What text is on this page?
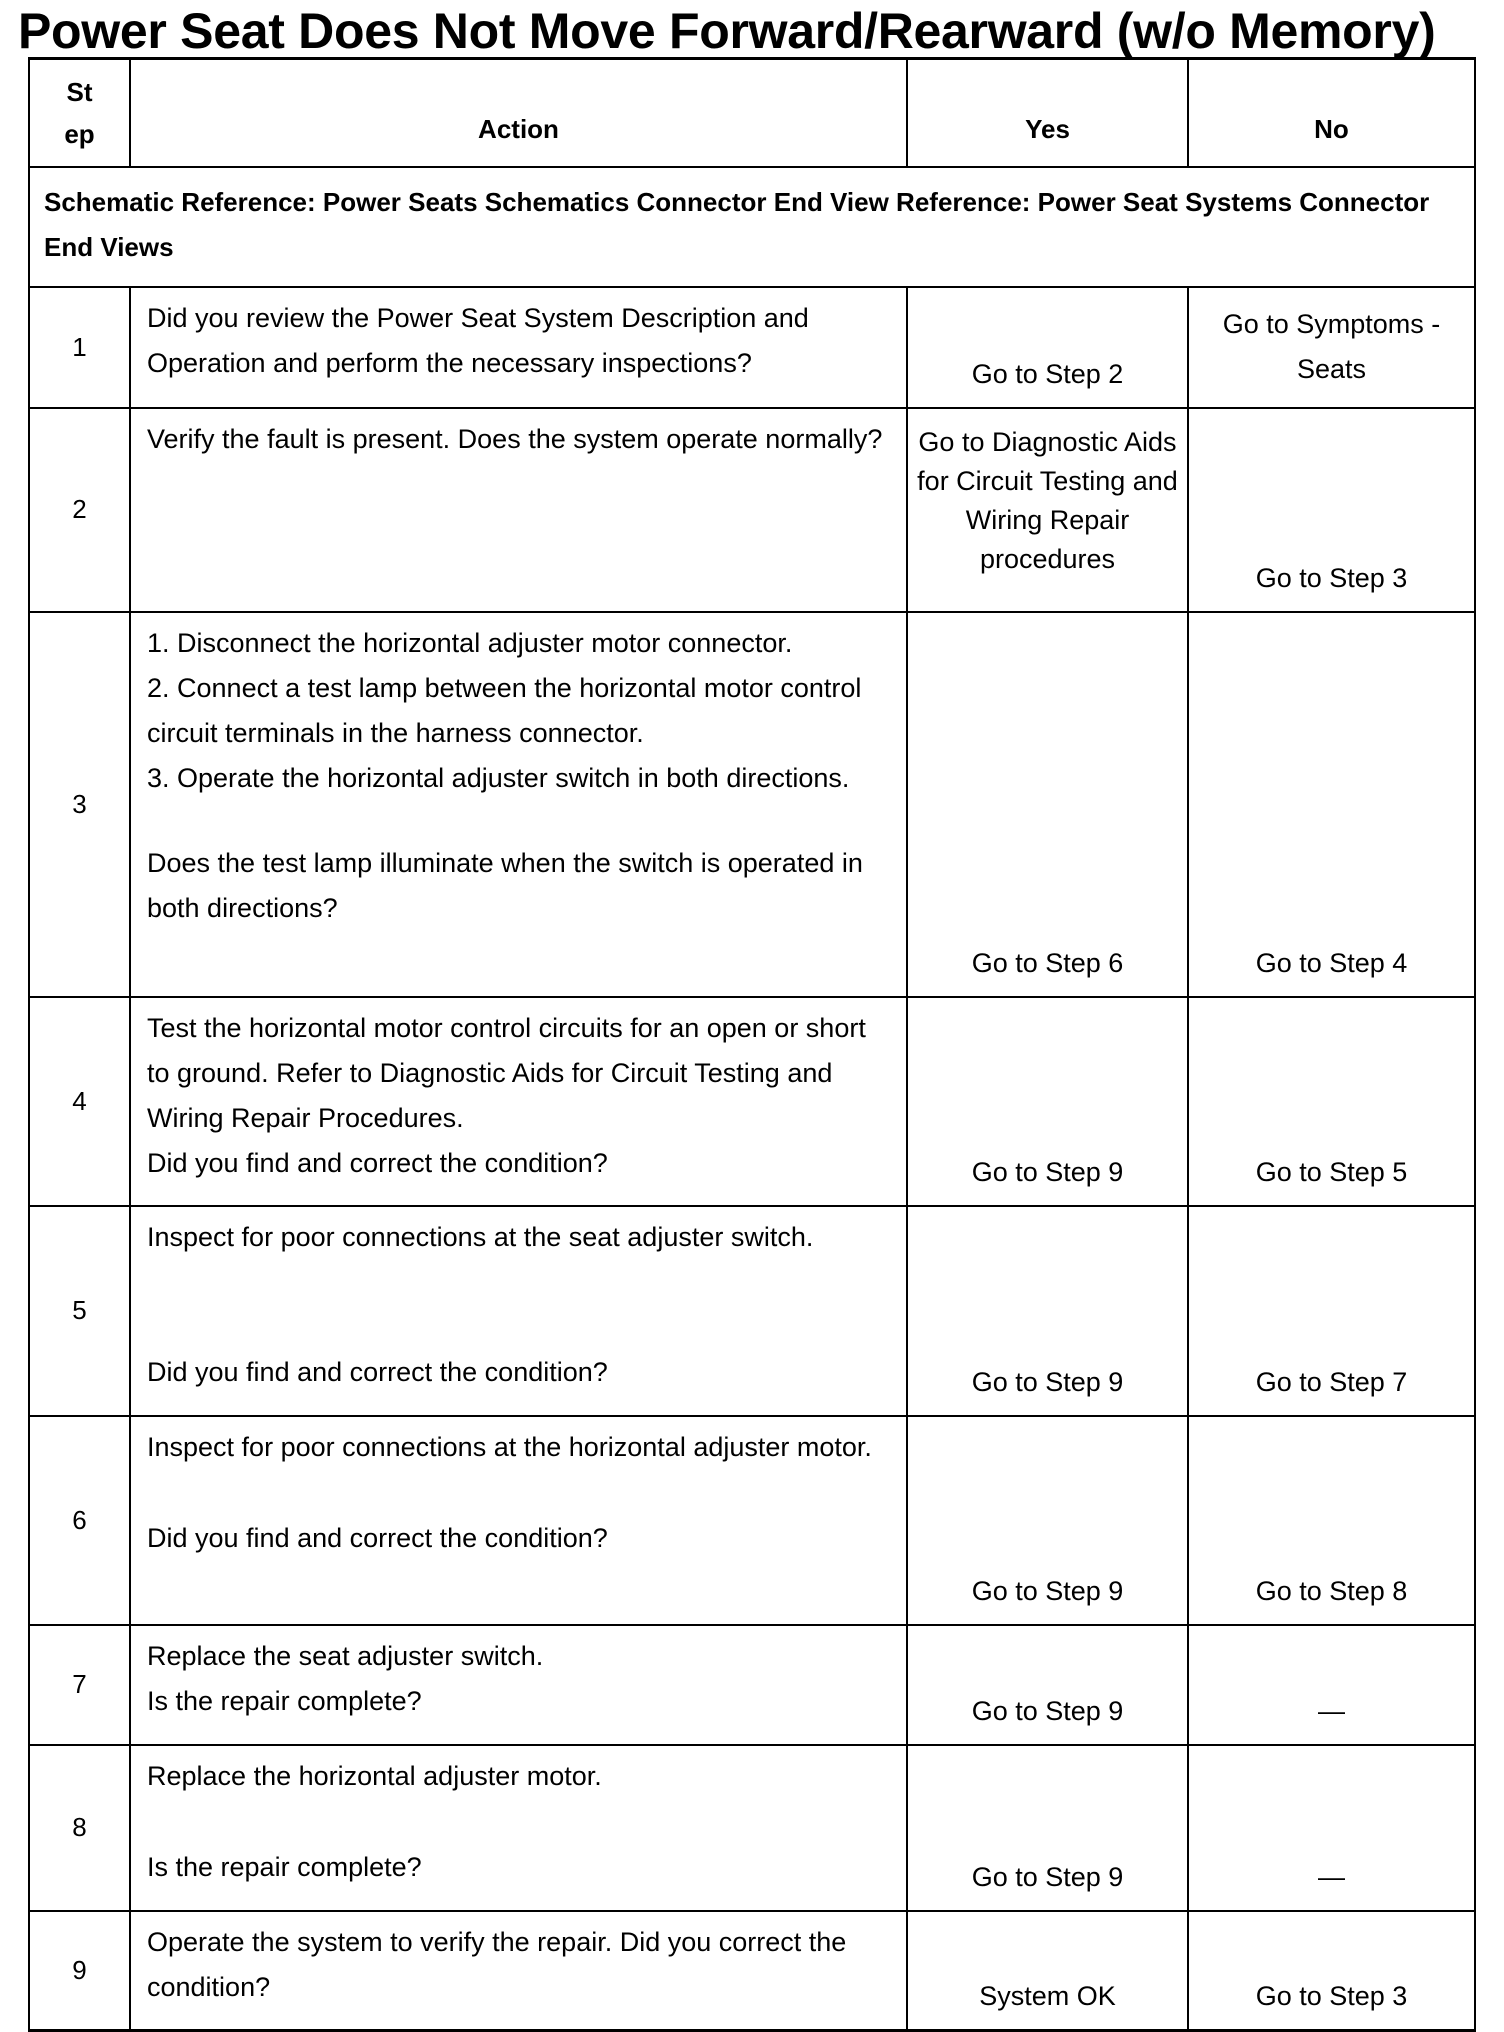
Power Seat Does Not Move Forward/Rearward (w/o Memory)
St
ep	Action	Yes	No
Schematic Reference: Power Seats Schematics Connector End View Reference: Power Seat Systems Connector End Views			
1	Did you review the Power Seat System Description and Operation and perform the necessary inspections?	Go to Step 2	Go to Symptoms - Seats
2	Verify the fault is present. Does the system operate normally?	Go to Diagnostic Aids for Circuit Testing and Wiring Repair procedures	Go to Step 3
3	1. Disconnect the horizontal adjuster motor connector.

2. Connect a test lamp between the horizontal motor control circuit terminals in the harness connector.

3. Operate the horizontal adjuster switch in both directions.

Does the test lamp illuminate when the switch is operated in both directions?	Go to Step 6	Go to Step 4
4	Test the horizontal motor control circuits for an open or short to ground. Refer to Diagnostic Aids for Circuit Testing and Wiring Repair Procedures.

Did you find and correct the condition?	Go to Step 9	Go to Step 5
5	Inspect for poor connections at the seat adjuster switch.

Did you find and correct the condition?	Go to Step 9	Go to Step 7
6	Inspect for poor connections at the horizontal adjuster motor.

Did you find and correct the condition?	Go to Step 9	Go to Step 8
7	Replace the seat adjuster switch.

Is the repair complete?	Go to Step 9	—
8	Replace the horizontal adjuster motor.

Is the repair complete?	Go to Step 9	—
9	Operate the system to verify the repair. Did you correct the condition?	System OK	Go to Step 3
